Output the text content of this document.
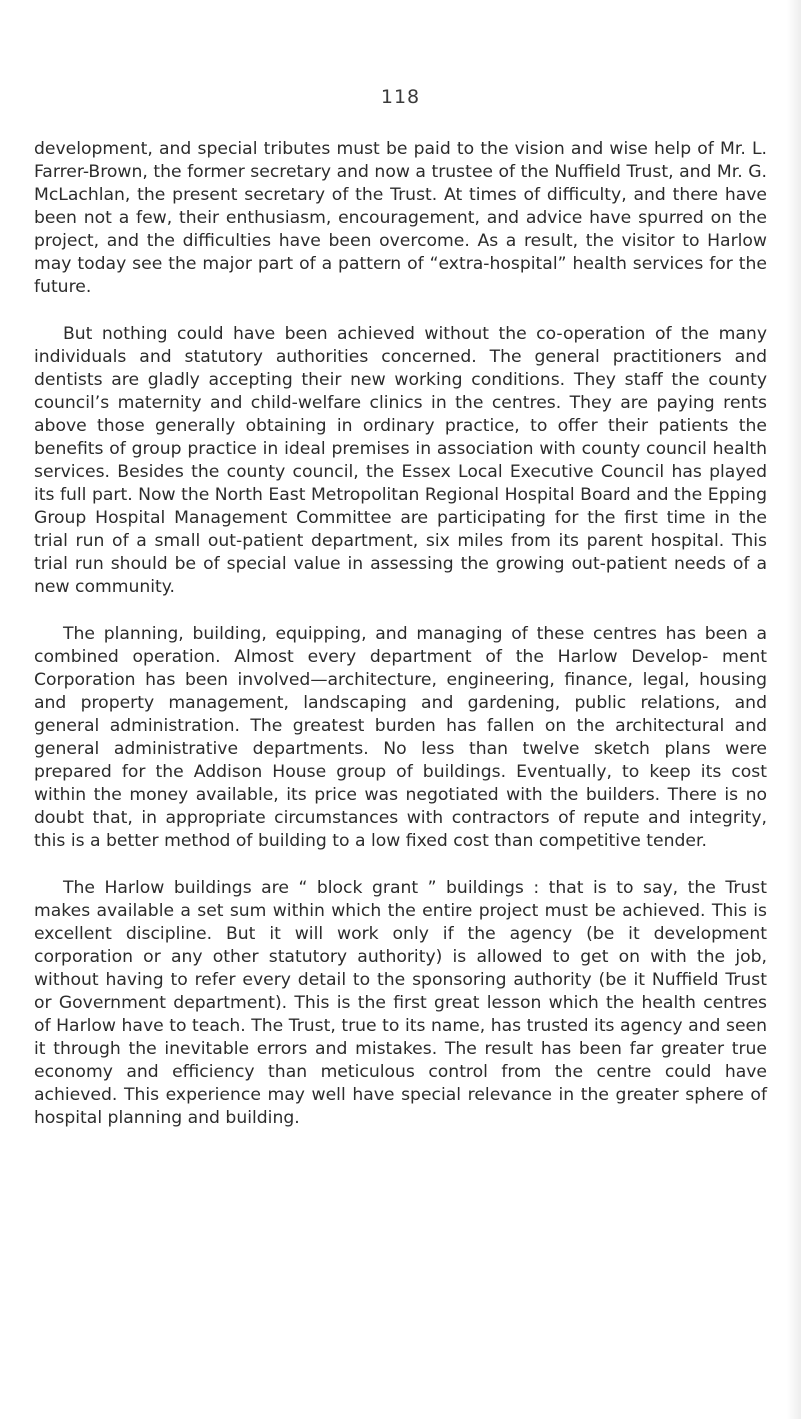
118

development, and special tributes must be paid to the vision and wise help of Mr. L. Farrer-Brown, the former secretary and now a trustee of the Nuffield Trust, and Mr. G. McLachlan, the present secretary of the Trust. At times of difficulty, and there have been not a few, their enthusiasm, encouragement, and advice have spurred on the project, and the difficulties have been overcome. As a result, the visitor to Harlow may today see the major part of a pattern of “extra-hospital” health services for the future.

But nothing could have been achieved without the co-operation of the many individuals and statutory authorities concerned. The general practitioners and dentists are gladly accepting their new working conditions. They staff the county council’s maternity and child-welfare clinics in the centres. They are paying rents above those generally obtaining in ordinary practice, to offer their patients the benefits of group practice in ideal premises in association with county council health services. Besides the county council, the Essex Local Executive Council has played its full part. Now the North East Metropolitan Regional Hospital Board and the Epping Group Hospital Management Committee are participating for the first time in the trial run of a small out-patient department, six miles from its parent hospital. This trial run should be of special value in assessing the growing out-patient needs of a new community.

The planning, building, equipping, and managing of these centres has been a combined operation. Almost every department of the Harlow Develop- ment Corporation has been involved—architecture, engineering, finance, legal, housing and property management, landscaping and gardening, public relations, and general administration. The greatest burden has fallen on the architectural and general administrative departments. No less than twelve sketch plans were prepared for the Addison House group of buildings. Eventually, to keep its cost within the money available, its price was negotiated with the builders. There is no doubt that, in appropriate circumstances with contractors of repute and integrity, this is a better method of building to a low fixed cost than competitive tender.

The Harlow buildings are “ block grant ” buildings : that is to say, the Trust makes available a set sum within which the entire project must be achieved. This is excellent discipline. But it will work only if the agency (be it development corporation or any other statutory authority) is allowed to get on with the job, without having to refer every detail to the sponsoring authority (be it Nuffield Trust or Government department). This is the first great lesson which the health centres of Harlow have to teach. The Trust, true to its name, has trusted its agency and seen it through the inevitable errors and mistakes. The result has been far greater true economy and efficiency than meticulous control from the centre could have achieved. This experience may well have special relevance in the greater sphere of hospital planning and building.
